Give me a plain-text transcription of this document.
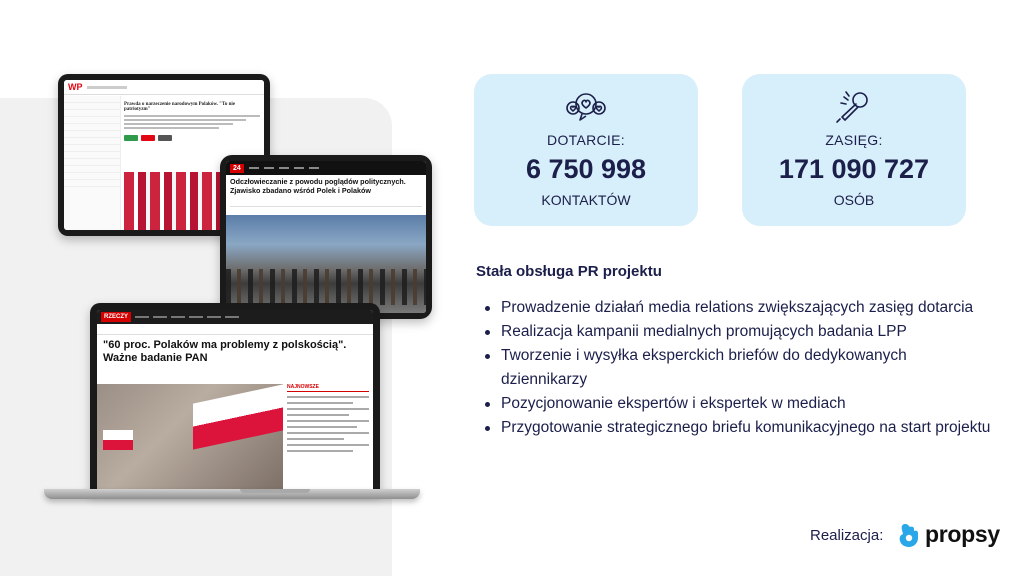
WP
Prawda o narzeczenie narodowym Polaków. "To nie patriotyzm"
24
Odczłowieczanie z powodu poglądów politycznych. Zjawisko zbadano wśród Polek i Polaków
RZECZY
"60 proc. Polaków ma problemy z polskością". Ważne badanie PAN
NAJNOWSZE
DOTARCIE:
6 750 998
KONTAKTÓW
ZASIĘG:
171 090 727
OSÓB
Stała obsługa PR projektu
Prowadzenie działań media relations zwiększających zasięg dotarcia
Realizacja kampanii medialnych promujących badania LPP
Tworzenie i wysyłka eksperckich briefów do dedykowanych dziennikarzy
Pozycjonowanie ekspertów i ekspertek w mediach
Przygotowanie strategicznego briefu komunikacyjnego na start projektu
Realizacja: propsy
